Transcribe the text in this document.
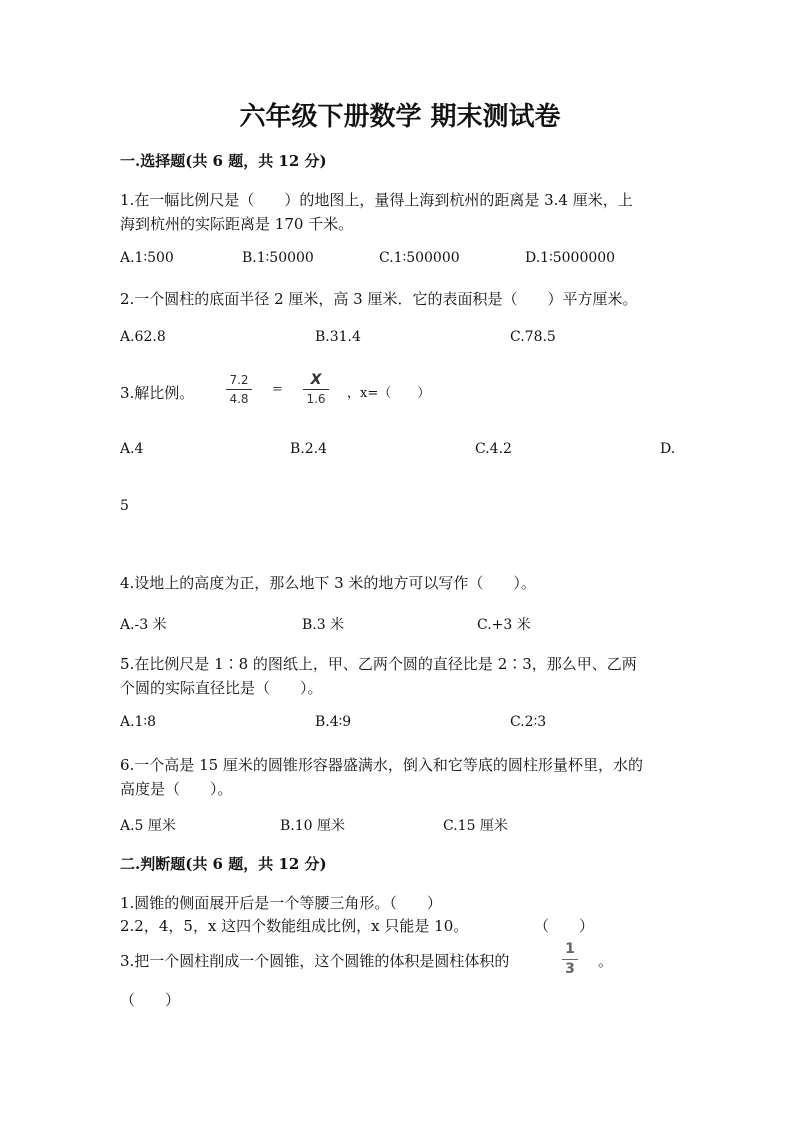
六年级下册数学 期末测试卷
一.选择题(共 6 题，共 12 分)
1.在一幅比例尺是（　　）的地图上，量得上海到杭州的距离是 3.4 厘米，上
海到杭州的实际距离是 170 千米。
A.1∶500	B.1∶50000	C.1∶500000	D.1∶5000000
2.一个圆柱的底面半径 2 厘米，高 3 厘米．它的表面积是（　　）平方厘米。
A.62.8	B.31.4	C.78.5
3.解比例。
7.2
4.8
=
X
1.6 ，x=（　　）
A.4	B.2.4	C.4.2	D.
5
4.设地上的高度为正，那么地下 3 米的地方可以写作（　　）。
A.-3 米	B.3 米	C.+3 米
5.在比例尺是 1∶8 的图纸上，甲、乙两个圆的直径比是 2∶3，那么甲、乙两
个圆的实际直径比是（　　）。
A.1∶8	B.4∶9	C.2∶3
6.一个高是 15 厘米的圆锥形容器盛满水，倒入和它等底的圆柱形量杯里，水的
高度是（　　）。
A.5 厘米	B.10 厘米	C.15 厘米
二.判断题(共 6 题，共 12 分)
1.圆锥的侧面展开后是一个等腰三角形。（　　）
2.2，4，5，x 这四个数能组成比例，x 只能是 10。	（　　）
3.把一个圆柱削成一个圆锥，这个圆锥的体积是圆柱体积的
1
3 。
（　　）
